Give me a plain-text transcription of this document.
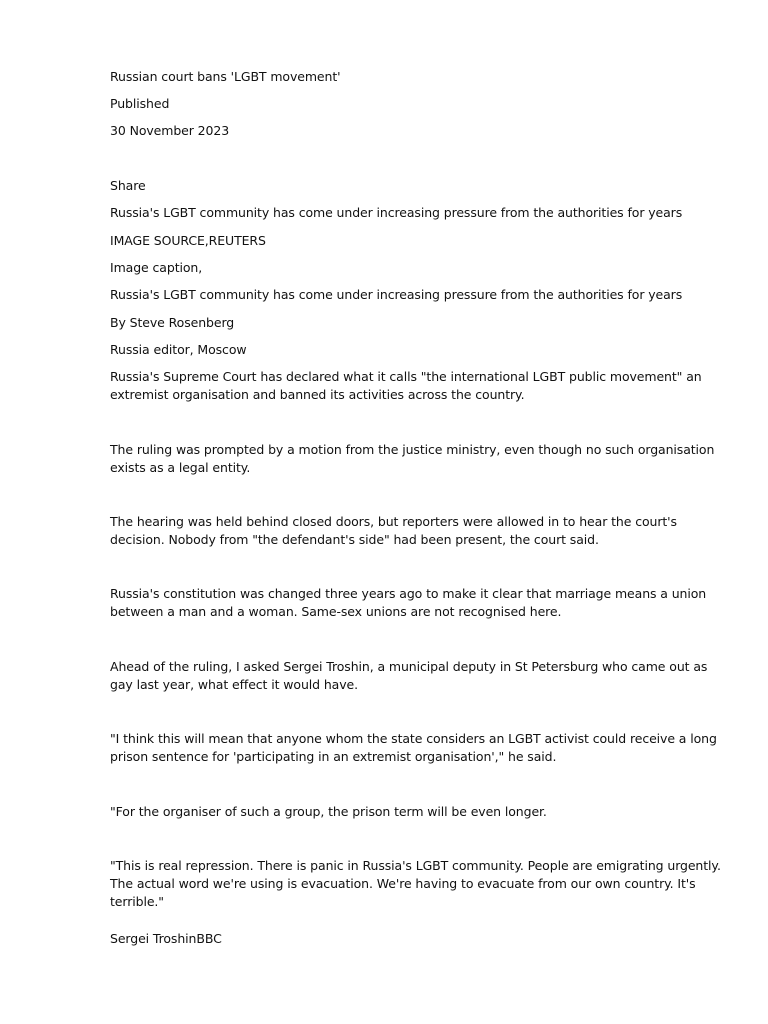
Russian court bans 'LGBT movement'
Published
30 November 2023
Share
Russia's LGBT community has come under increasing pressure from the authorities for years
IMAGE SOURCE,REUTERS
Image caption,
Russia's LGBT community has come under increasing pressure from the authorities for years
By Steve Rosenberg
Russia editor, Moscow
Russia's Supreme Court has declared what it calls "the international LGBT public movement" an extremist organisation and banned its activities across the country.
The ruling was prompted by a motion from the justice ministry, even though no such organisation exists as a legal entity.
The hearing was held behind closed doors, but reporters were allowed in to hear the court's decision. Nobody from "the defendant's side" had been present, the court said.
Russia's constitution was changed three years ago to make it clear that marriage means a union between a man and a woman. Same-sex unions are not recognised here.
Ahead of the ruling, I asked Sergei Troshin, a municipal deputy in St Petersburg who came out as gay last year, what effect it would have.
"I think this will mean that anyone whom the state considers an LGBT activist could receive a long prison sentence for 'participating in an extremist organisation'," he said.
"For the organiser of such a group, the prison term will be even longer.
"This is real repression. There is panic in Russia's LGBT community. People are emigrating urgently. The actual word we're using is evacuation. We're having to evacuate from our own country. It's terrible."
Sergei TroshinBBC
